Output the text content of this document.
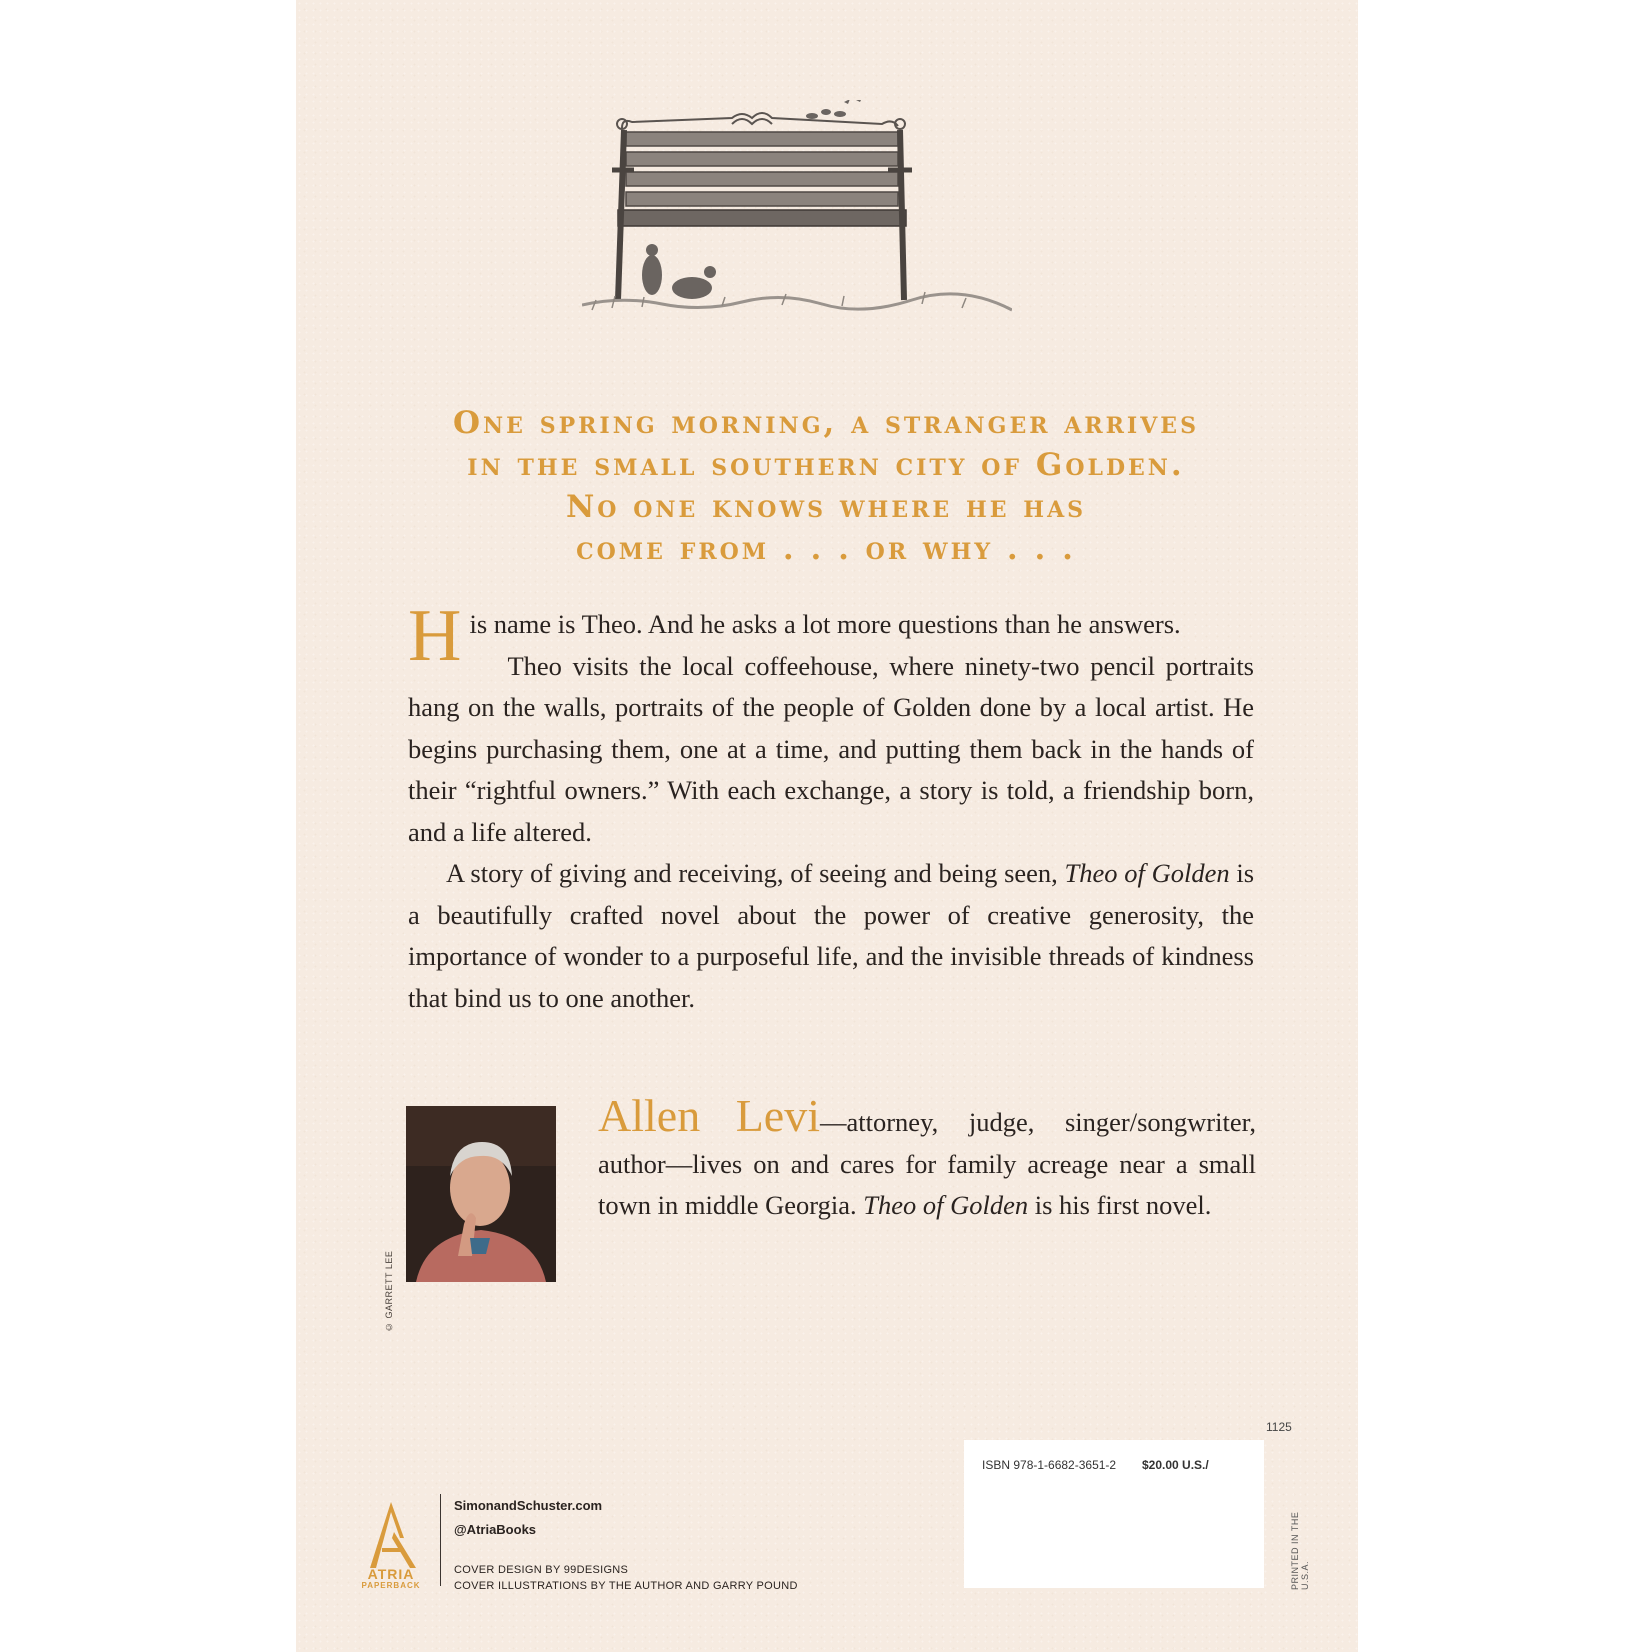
One spring morning, a stranger arrives

in the small southern city of Golden.

No one knows where he has

come from . . . or why . . .

His name is Theo. And he asks a lot more questions than he answers.

Theo visits the local coffeehouse, where ninety-two pencil portraits hang on the walls, portraits of the people of Golden done by a local artist. He begins purchasing them, one at a time, and putting them back in the hands of their “rightful owners.” With each exchange, a story is told, a friendship born, and a life altered.

A story of giving and receiving, of seeing and being seen, Theo of Golden is a beautifully crafted novel about the power of creative generosity, the importance of wonder to a purposeful life, and the invisible threads of kindness that bind us to one another.

© GARRETT LEE

Allen Levi—attorney, judge, singer/songwriter, author—lives on and cares for family acreage near a small town in middle Georgia. Theo of Golden is his first novel.

1125
ISBN 978-1-6682-3651-2 $20.00 U.S./
PRINTED IN THE U.S.A.
ATRIA
PAPERBACK
SimonandSchuster.com
@AtriaBooks
COVER DESIGN BY 99DESIGNS
COVER ILLUSTRATIONS BY THE AUTHOR AND GARRY POUND
